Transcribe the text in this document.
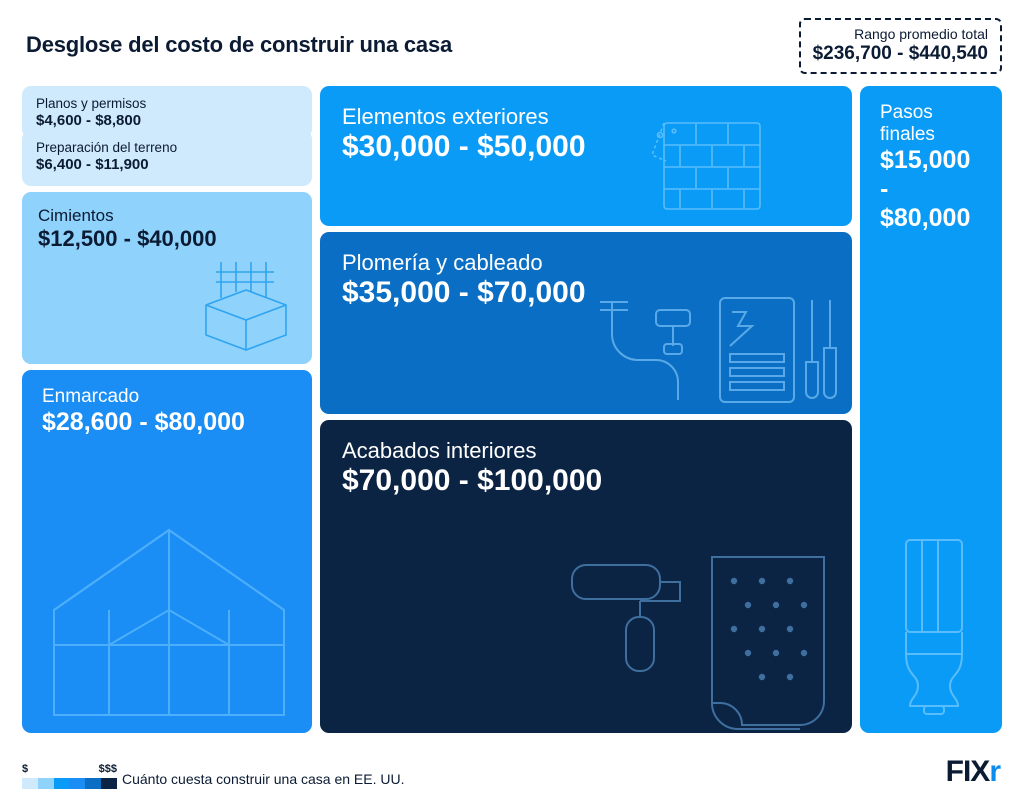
Desglose del costo de construir una casa	Rango promedio total
$236,700 - $440,540
Planos y permisos
$4,600 - $8,800
Preparación del terreno
$6,400 - $11,900
Cimientos
$12,500 - $40,000
Enmarcado
$28,600 - $80,000
Elementos exteriores
$30,000 - $50,000
Plomería y cableado
$35,000 - $70,000
Acabados interiores
$70,000 - $100,000
Pasos finales
$15,000 - $80,000
$	$$$
Cuánto cuesta construir una casa en EE. UU.	FIXr
